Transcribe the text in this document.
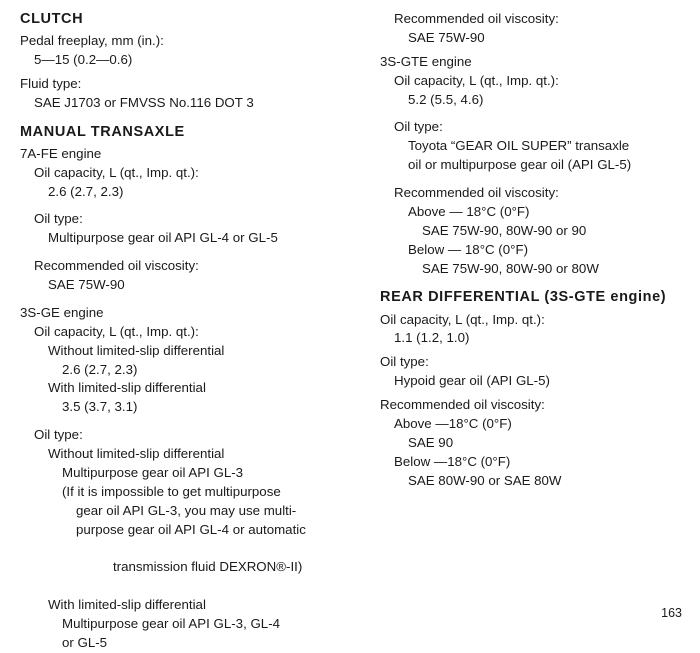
CLUTCH
Pedal freeplay, mm (in.):
5—15 (0.2—0.6)
Fluid type:
SAE J1703 or FMVSS No.116 DOT 3
MANUAL TRANSAXLE
7A-FE engine
Oil capacity, L (qt., Imp. qt.):
2.6 (2.7, 2.3)
Oil type:
Multipurpose gear oil API GL-4 or GL-5
Recommended oil viscosity:
SAE 75W-90
3S-GE engine
Oil capacity, L (qt., Imp. qt.):
Without limited-slip differential
2.6 (2.7, 2.3)
With limited-slip differential
3.5 (3.7, 3.1)
Oil type:
Without limited-slip differential
Multipurpose gear oil API GL-3
(If it is impossible to get multipurpose
gear oil API GL-3, you may use multi-
purpose gear oil API GL-4 or automatic

transmission fluid DEXRON®-II)

With limited-slip differential
Multipurpose gear oil API GL-3, GL-4
or GL-5
Recommended oil viscosity:
SAE 75W-90
3S-GTE engine
Oil capacity, L (qt., Imp. qt.):
5.2 (5.5, 4.6)
Oil type:
Toyota “GEAR OIL SUPER” transaxle
oil or multipurpose gear oil (API GL-5)
Recommended oil viscosity:
Above — 18°C (0°F)
SAE 75W-90, 80W-90 or 90
Below — 18°C (0°F)
SAE 75W-90, 80W-90 or 80W
REAR DIFFERENTIAL (3S-GTE engine)
Oil capacity, L (qt., Imp. qt.):
1.1 (1.2, 1.0)
Oil type:
Hypoid gear oil (API GL-5)
Recommended oil viscosity:
Above —18°C (0°F)
SAE 90
Below —18°C (0°F)
SAE 80W-90 or SAE 80W
163
